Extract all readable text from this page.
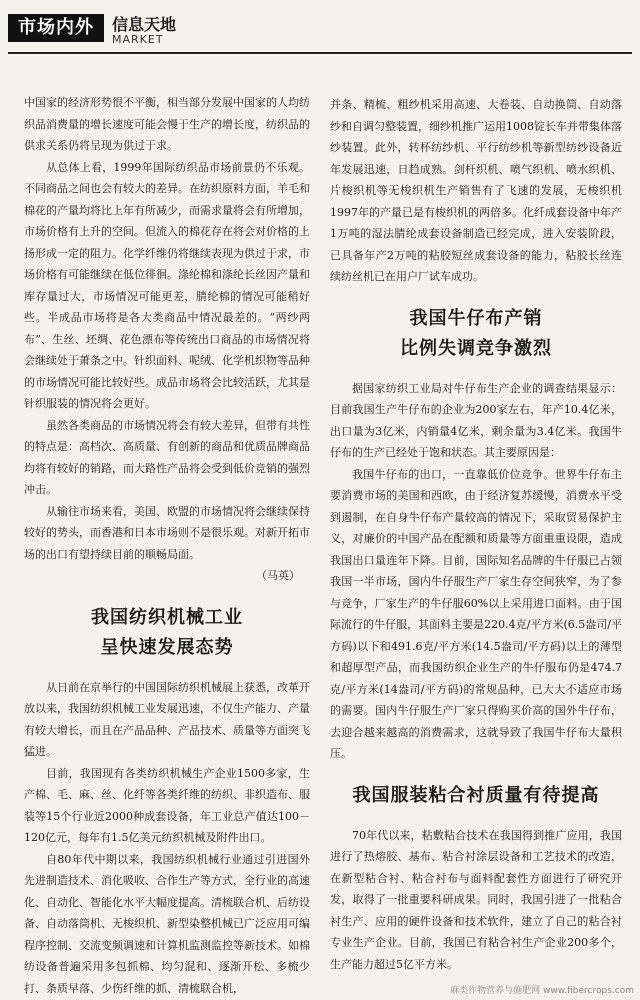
市场内外	信息天地
MARKET

中国家的经济形势很不平衡，相当部分发展中国家的人均纺织品消费量的增长速度可能会慢于生产的增长度，纺织品的供求关系仍将呈现为供过于求。

从总体上看，1999年国际纺织品市场前景仍不乐观。不同商品之间也会有较大的差异。在纺织原料方面，羊毛和棉花的产量均将比上年有所减少，而需求量将会有所增加，市场价格有上升的空间。但流入的棉花存在将会对价格的上扬形成一定的阻力。化学纤维仍将继续表现为供过于求，市场价格有可能继续在低位徘徊。涤纶棉和涤纶长丝因产量和库存量过大，市场情况可能更差，腈纶棉的情况可能稍好些。半成品市场将是各大类商品中情况最差的。“两纱两布”、生丝、坯绸、花色漂布等传统出口商品的市场情况将会继续处于萧条之中。针织面料、呢绒、化学机织物等品种的市场情况可能比较好些。成品市场将会比较活跃，尤其是针织服装的情况将会更好。

虽然各类商品的市场情况将会有较大差异，但带有共性的特点是：高档次、高质量、有创新的商品和优质品牌商品均将有较好的销路，而大路性产品将会受到低价竞销的强烈冲击。

从输往市场来看，美国、欧盟的市场情况将会继续保持较好的势头，而香港和日本市场则不是很乐观。对新开拓市场的出口有望持续目前的顺畅局面。
（马英）

我国纺织机械工业
呈快速发展态势

从日前在京举行的中国国际纺织机械展上获悉，改革开放以来，我国纺织机械工业发展迅速，不仅生产能力、产量有较大增长，而且在产品品种、产品技术、质量等方面突飞猛进。

目前，我国现有各类纺织机械生产企业1500多家，生产棉、毛、麻、丝、化纤等各类纤维的纺织、非织造布、服装等15个行业近2000种成套设备，年工业总产值达100－120亿元，每年有1.5亿美元纺织机械及附件出口。

自80年代中期以来，我国纺织机械行业通过引进国外先进制造技术、消化吸收、合作生产等方式，全行业的高速化、自动化、智能化水平大幅度提高。清梳联合机、后纺设备、自动落筒机、无梭织机、新型染整机械已广泛应用可编程序控制、交流变频调速和计算机监测监控等新技术。如棉纺设备普遍采用多包抓棉、均匀混和、逐渐开松、多梳少打、条质早落、少伤纤维的抓、清梳联合机，

并条、精梳、粗纱机采用高速、大卷装、自动换筒、自动落纱和自调匀整装置，细纱机推广运用1008锭长车并带集体落纱装置。此外，转杯纺纱机、平行纺纱机等新型纺纱设备近年发展迅速，日趋成熟。剑杆织机、喷气织机、喷水织机、片梭织机等无梭织机生产销售有了飞速的发展，无梭织机1997年的产量已是有梭织机的两倍多。化纤成套设备中年产1万吨的湿法腈纶成套设备制造已经完成，进入安装阶段，已具备年产2万吨的粘胶短丝成套设备的能力，粘胶长丝连续纺丝机已在用户厂试车成功。

我国牛仔布产销
比例失调竞争激烈

据国家纺织工业局对牛仔布生产企业的调查结果显示：目前我国生产牛仔布的企业为200家左右，年产10.4亿米，出口量为3亿米，内销量4亿米，剩余量为3.4亿米。我国牛仔布的生产已经处于饱和状态。其主要原因是：

我国牛仔布的出口，一直靠低价位竞争。世界牛仔布主要消费市场的美国和西欧，由于经济复苏缓慢，消费水平受到遏制，在自身牛仔布产量较高的情况下，采取贸易保护主义，对廉价的中国产品在配额和质量等方面重重设限，造成我国出口量连年下降。目前，国际知名品牌的牛仔服已占领我国一半市场，国内牛仔服生产厂家生存空间狭窄，为了参与竞争，厂家生产的牛仔服60%以上采用进口面料。由于国际流行的牛仔服，其面料主要是220.4克/平方米(6.5盎司/平方码)以下和491.6克/平方米(14.5盎司/平方码)以上的薄型和超厚型产品，而我国纺织企业生产的牛仔服布仍是474.7克/平方米(14盎司/平方码)的常规品种，已大大不适应市场的需要。国内牛仔服生产厂家只得购买价高的国外牛仔布，去迎合越来越高的消费需求，这就导致了我国牛仔布大量积压。

我国服装粘合衬质量有待提高

70年代以来，粘敷粘合技术在我国得到推广应用，我国进行了热熔胶、基布、粘合衬涂层设备和工艺技术的改造，在新型粘合衬、粘合衬布与面料配套性方面进行了研究开发，取得了一批重要科研成果。同时，我国引进了一批粘合衬生产、应用的硬件设备和技术软件，建立了自己的粘合衬专业生产企业。目前，我国已有粘合衬生产企业200多个，生产能力超过5亿平方米。

麻类作物营养与施肥网 www.fibercrops.com
